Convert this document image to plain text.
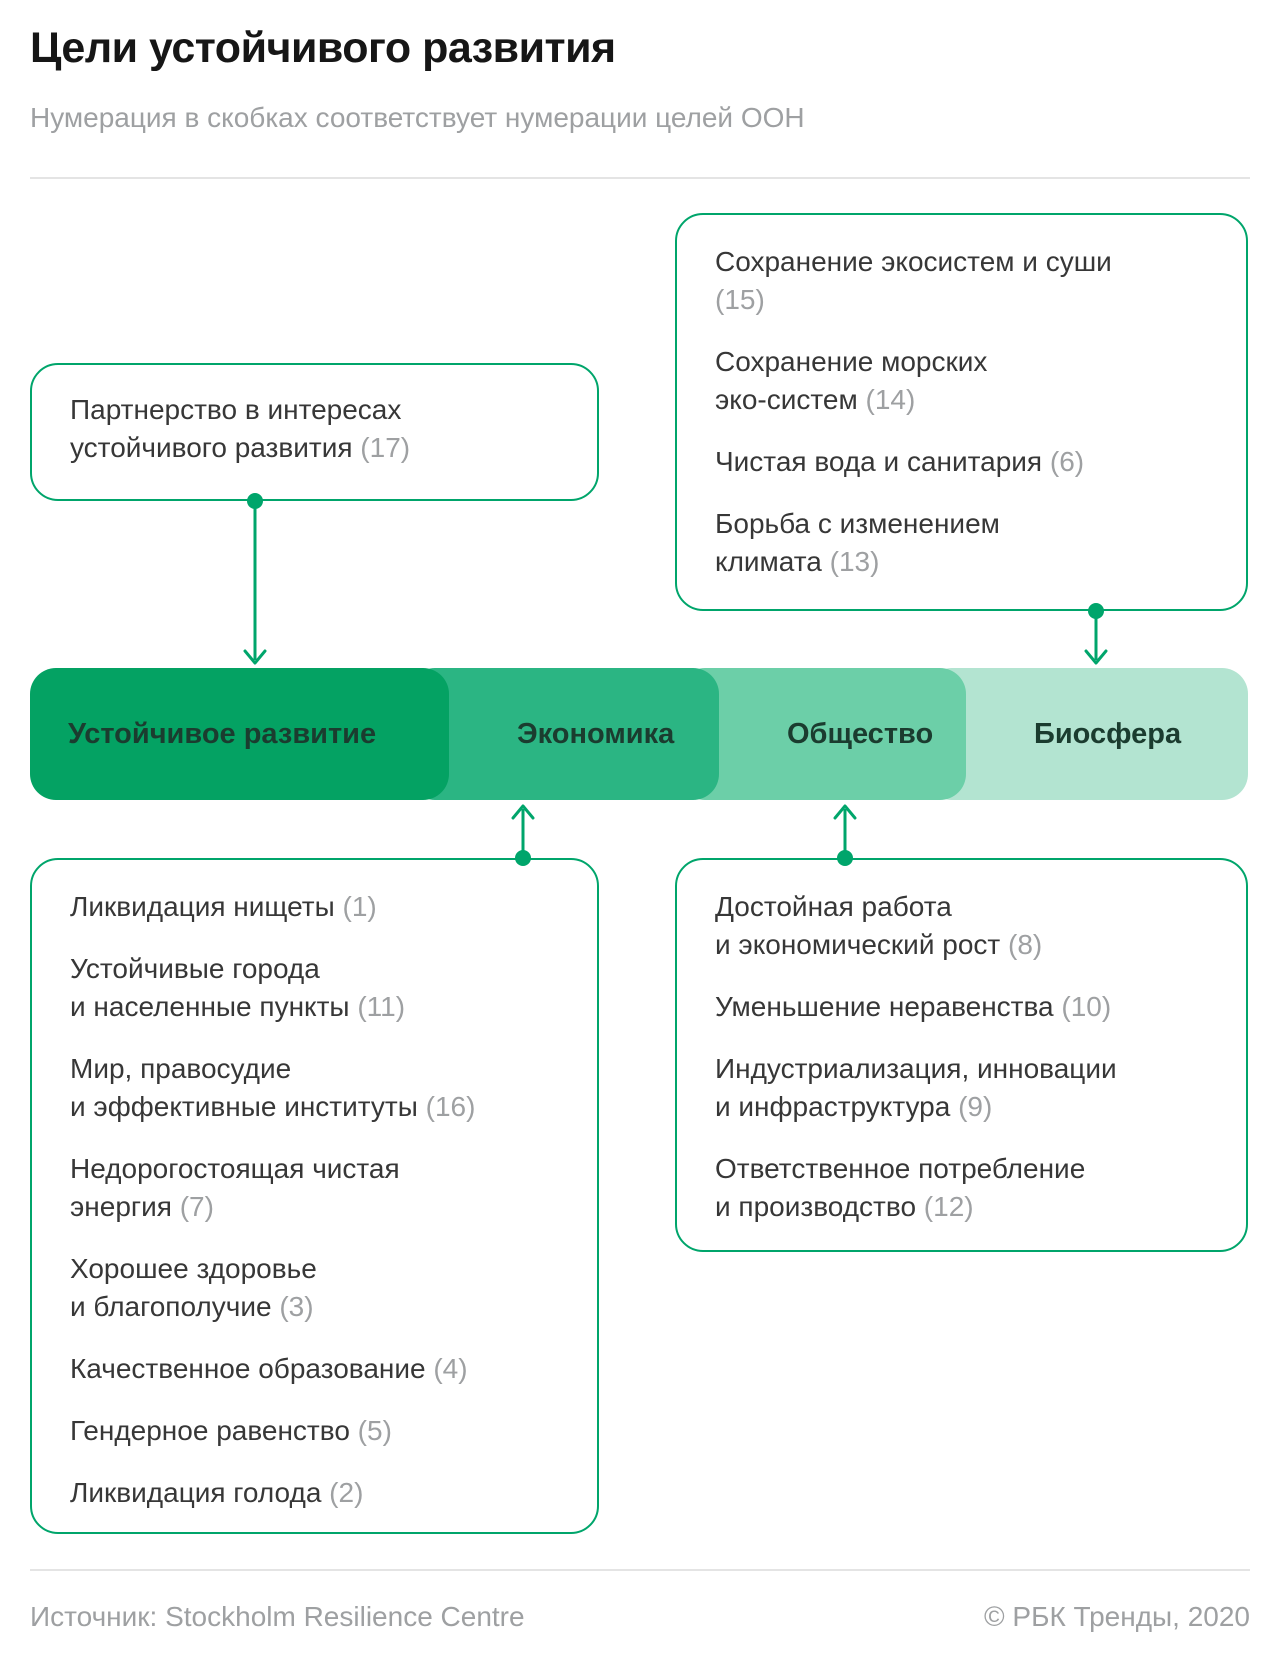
Цели устойчивого развития
Нумерация в скобках соответствует нумерации целей ООН
Партнерство в интересах
устойчивого развития (17)
Сохранение экосистем и суши
(15)
Сохранение морских
эко-систем (14)
Чистая вода и санитария (6)
Борьба с изменением
климата (13)
Биосфера
Общество
Экономика
Устойчивое развитие
Ликвидация нищеты (1)
Устойчивые города
и населенные пункты (11)
Мир, правосудие
и эффективные институты (16)
Недорогостоящая чистая
энергия (7)
Хорошее здоровье
и благополучие (3)
Качественное образование (4)
Гендерное равенство (5)
Ликвидация голода (2)
Достойная работа
и экономический рост (8)
Уменьшение неравенства (10)
Индустриализация, инновации
и инфраструктура (9)
Ответственное потребление
и производство (12)
Источник: Stockholm Resilience Centre	© РБК Тренды, 2020
